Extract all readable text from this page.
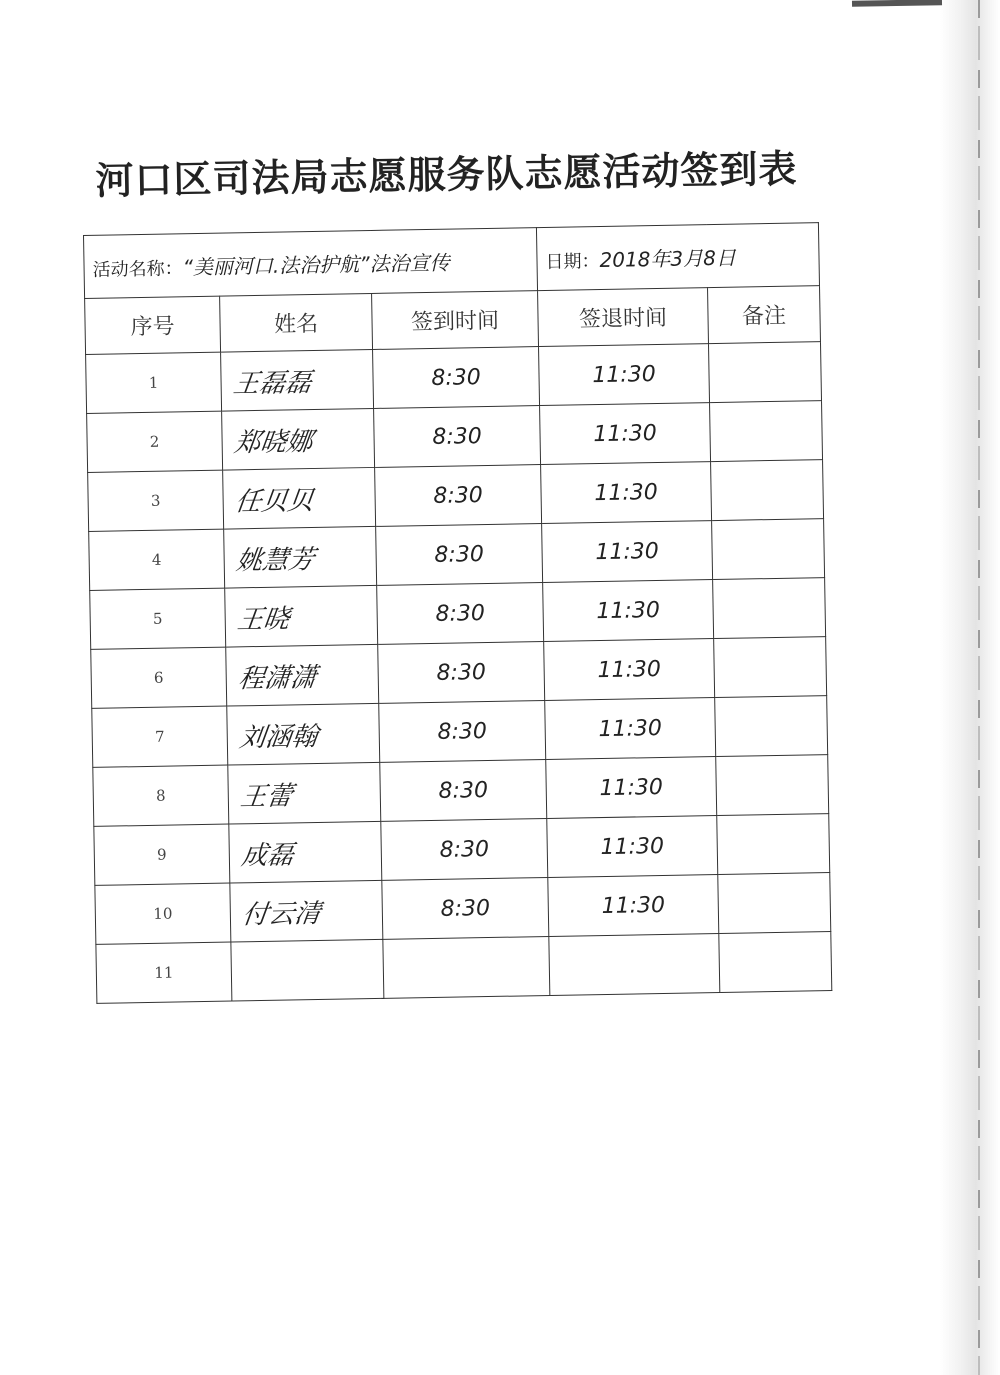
河口区司法局志愿服务队志愿活动签到表
活动名称：“美丽河口.法治护航”法治宣传			日期：2018年3月8日	
序号	姓名	签到时间	签退时间	备注
1	王磊磊	8:30	11:30	
2	郑晓娜	8:30	11:30	
3	任贝贝	8:30	11:30	
4	姚慧芳	8:30	11:30	
5	王晓	8:30	11:30	
6	程潇潇	8:30	11:30	
7	刘涵翰	8:30	11:30	
8	王蕾	8:30	11:30	
9	成磊	8:30	11:30	
10	付云清	8:30	11:30	
11				
